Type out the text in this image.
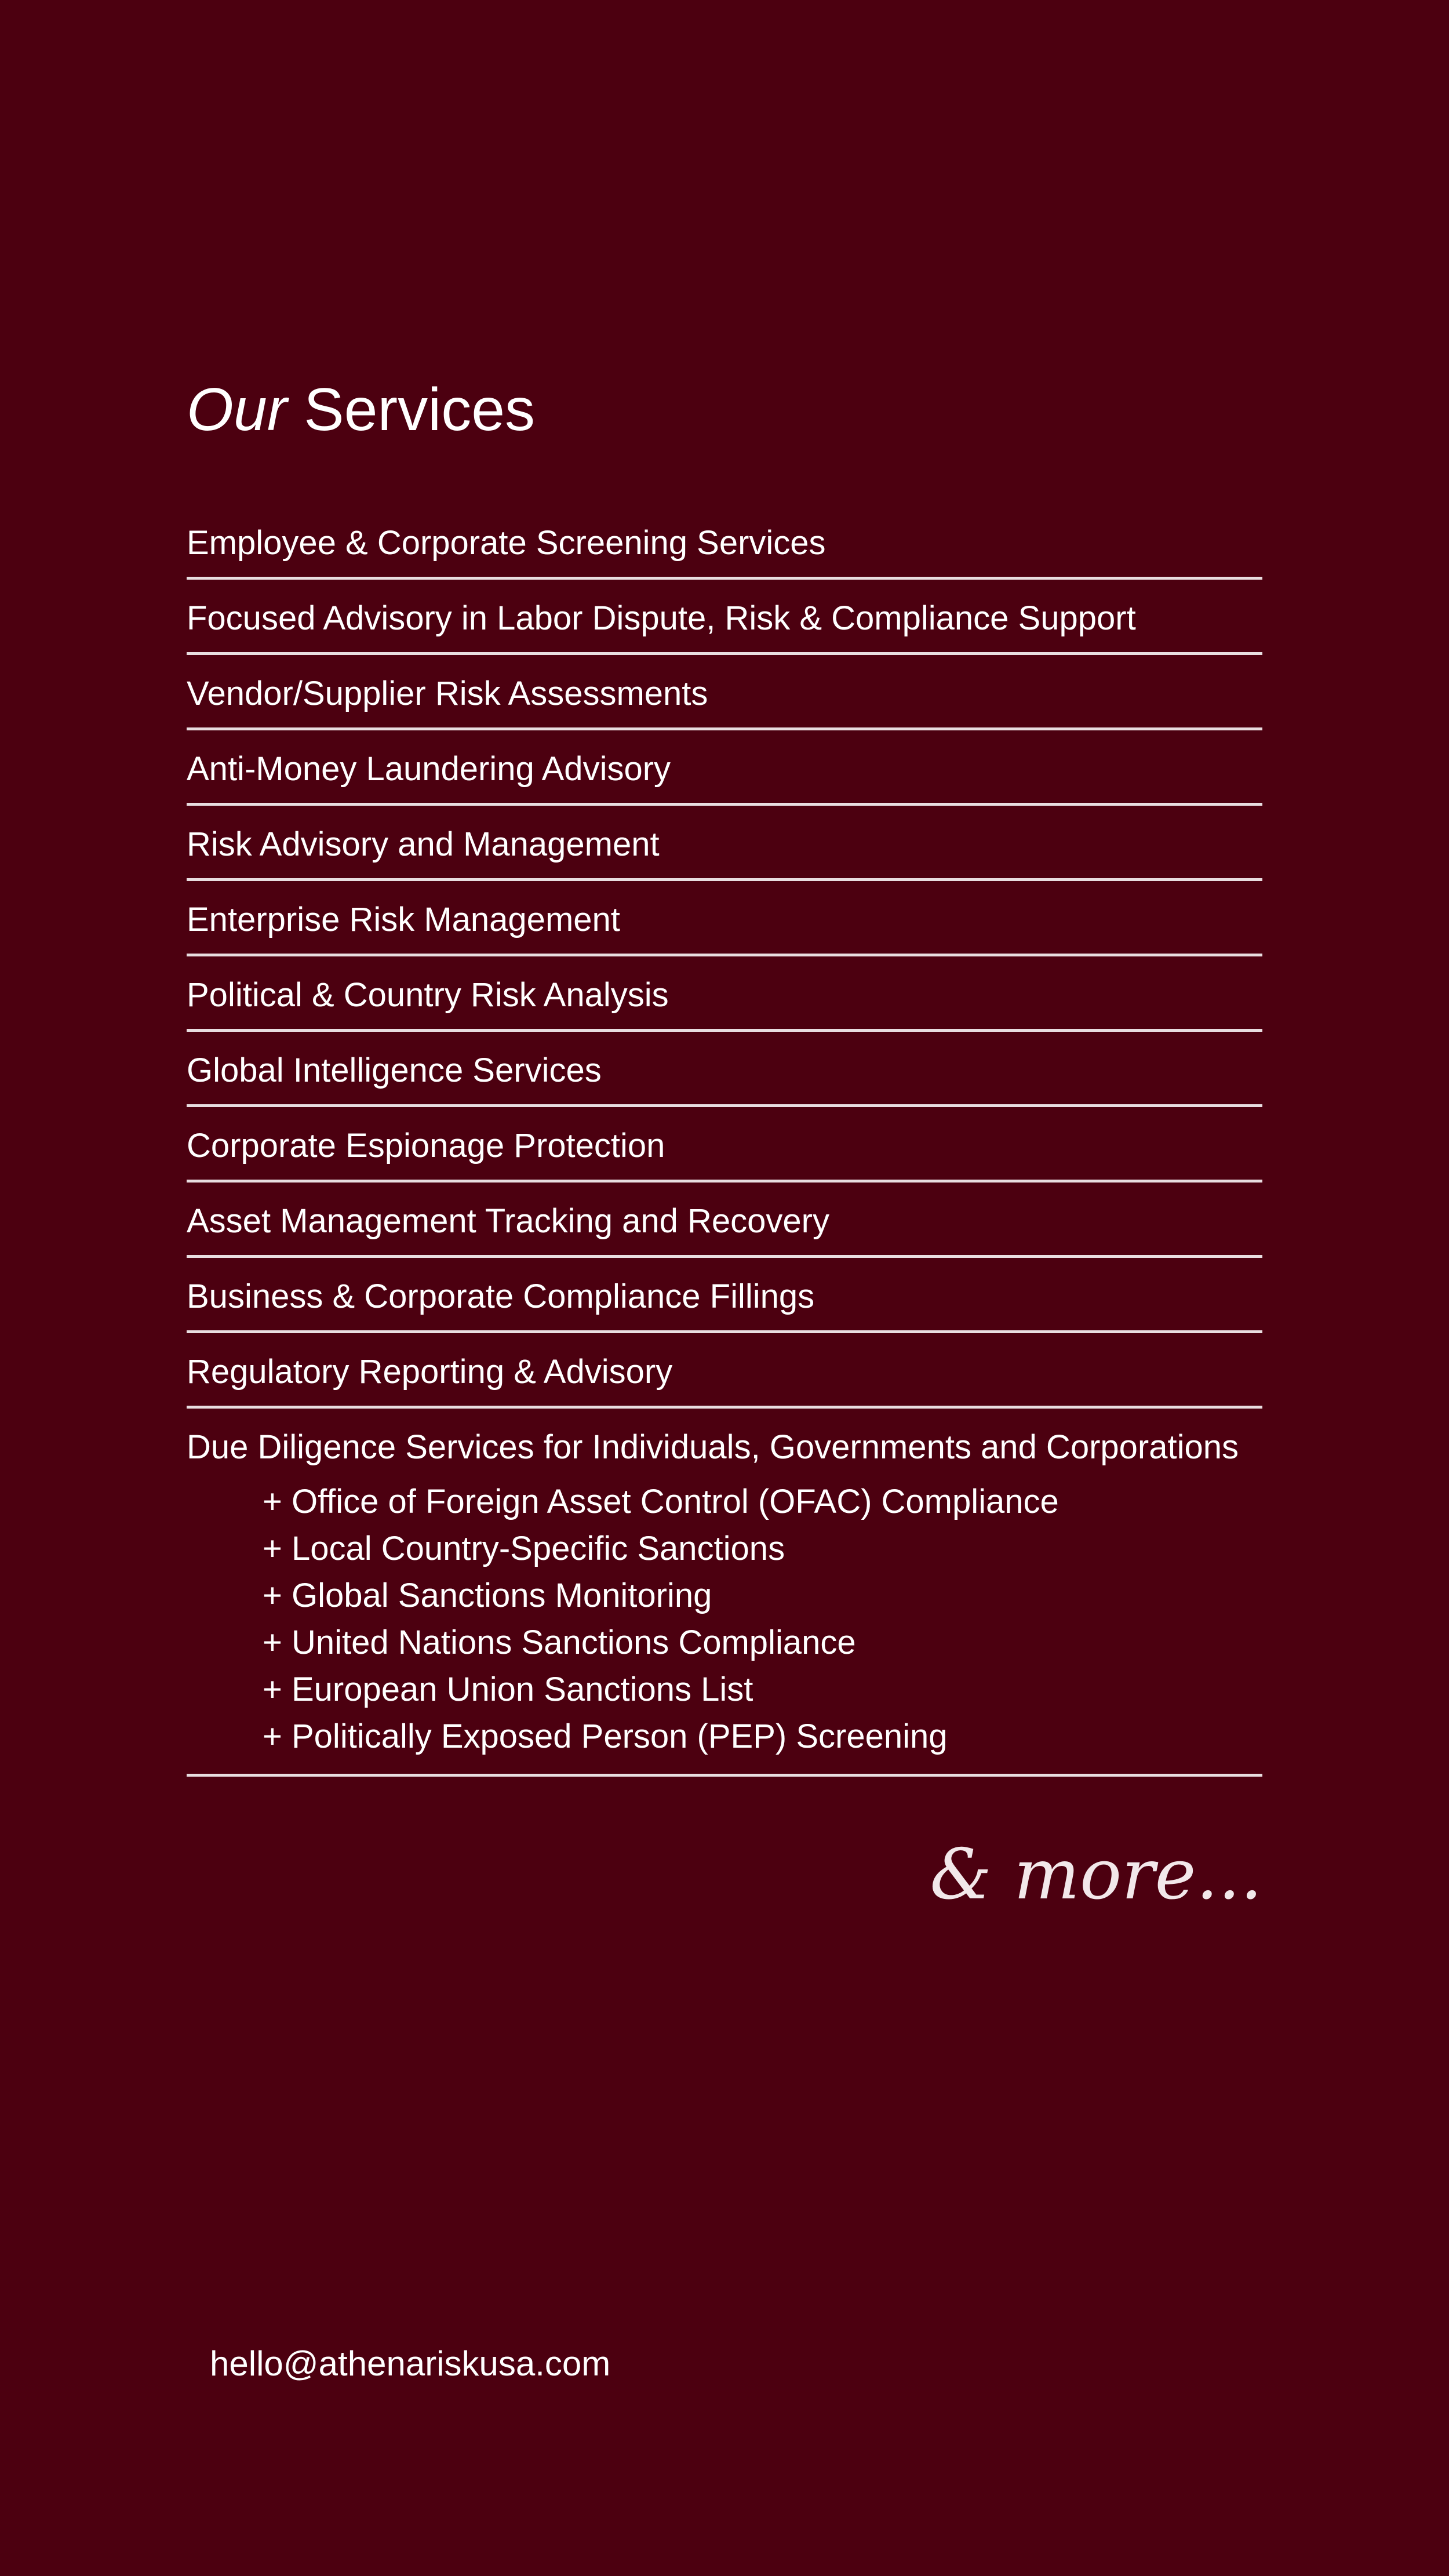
Our Services
Employee & Corporate Screening Services
Focused Advisory in Labor Dispute, Risk & Compliance Support
Vendor/Supplier Risk Assessments
Anti-Money Laundering Advisory
Risk Advisory and Management
Enterprise Risk Management
Political & Country Risk Analysis
Global Intelligence Services
Corporate Espionage Protection
Asset Management Tracking and Recovery
Business & Corporate Compliance Fillings
Regulatory Reporting & Advisory
Due Diligence Services for Individuals, Governments and Corporations
+ Office of Foreign Asset Control (OFAC) Compliance
+ Local Country-Specific Sanctions
+ Global Sanctions Monitoring
+ United Nations Sanctions Compliance
+ European Union Sanctions List
+ Politically Exposed Person (PEP) Screening
& more...
hello@athenariskusa.com
